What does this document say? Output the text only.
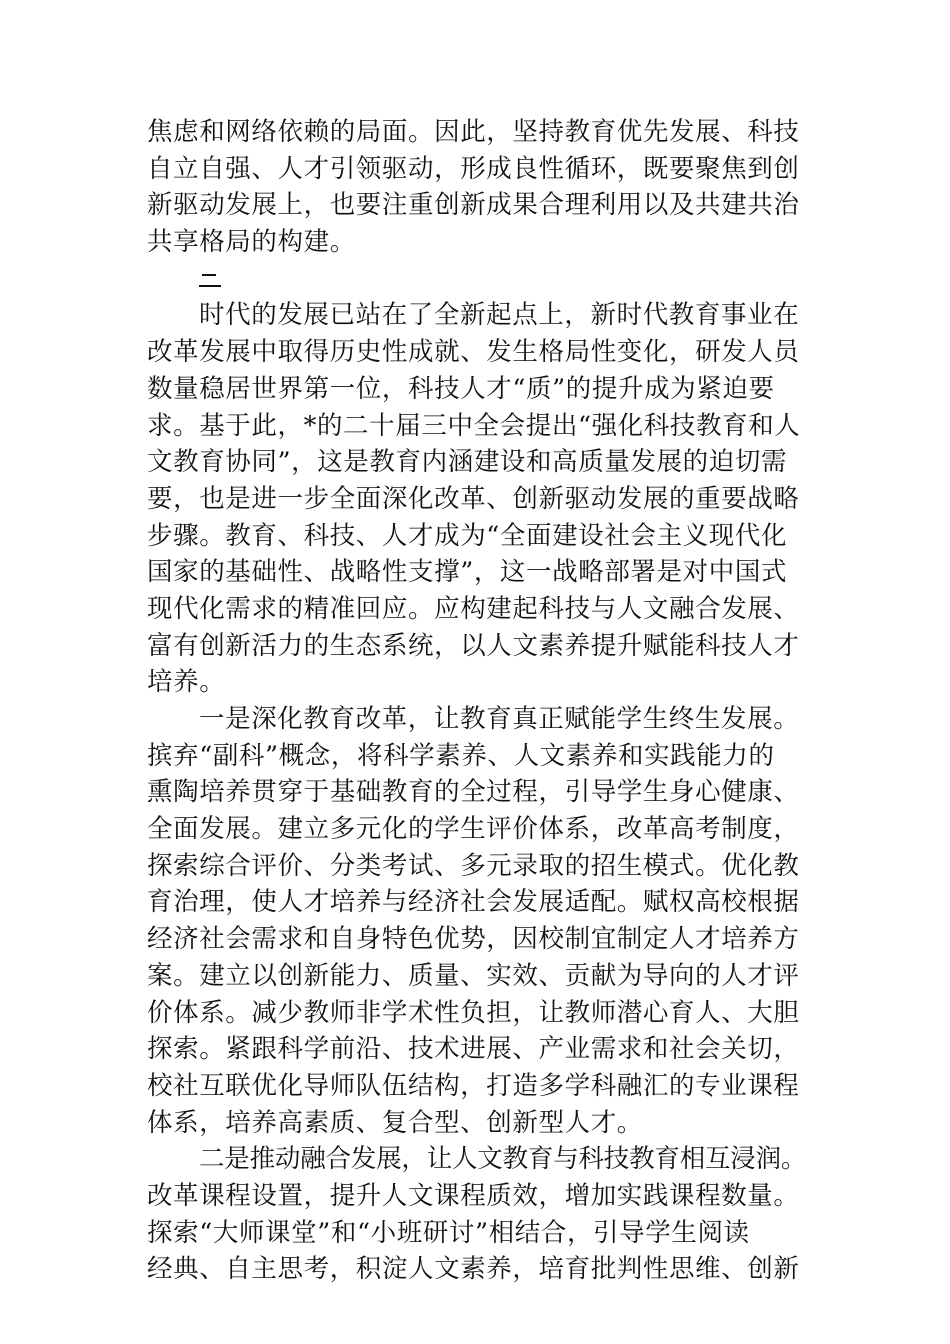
焦虑和网络依赖的局面。因此，坚持教育优先发展、科技
自立自强、人才引领驱动，形成良性循环，既要聚焦到创
新驱动发展上，也要注重创新成果合理利用以及共建共治
共享格局的构建。
时代的发展已站在了全新起点上，新时代教育事业在
改革发展中取得历史性成就、发生格局性变化，研发人员
数量稳居世界第一位，科技人才“质”的提升成为紧迫要
求。基于此，*的二十届三中全会提出“强化科技教育和人
文教育协同”，这是教育内涵建设和高质量发展的迫切需
要，也是进一步全面深化改革、创新驱动发展的重要战略
步骤。教育、科技、人才成为“全面建设社会主义现代化
国家的基础性、战略性支撑”，这一战略部署是对中国式
现代化需求的精准回应。应构建起科技与人文融合发展、
富有创新活力的生态系统，以人文素养提升赋能科技人才
培养。
一是深化教育改革，让教育真正赋能学生终生发展。
摈弃“副科”概念，将科学素养、人文素养和实践能力的
熏陶培养贯穿于基础教育的全过程，引导学生身心健康、
全面发展。建立多元化的学生评价体系，改革高考制度，
探索综合评价、分类考试、多元录取的招生模式。优化教
育治理，使人才培养与经济社会发展适配。赋权高校根据
经济社会需求和自身特色优势，因校制宜制定人才培养方
案。建立以创新能力、质量、实效、贡献为导向的人才评
价体系。减少教师非学术性负担，让教师潜心育人、大胆
探索。紧跟科学前沿、技术进展、产业需求和社会关切，
校社互联优化导师队伍结构，打造多学科融汇的专业课程
体系，培养高素质、复合型、创新型人才。
二是推动融合发展，让人文教育与科技教育相互浸润。
改革课程设置，提升人文课程质效，增加实践课程数量。
探索“大师课堂”和“小班研讨”相结合，引导学生阅读
经典、自主思考，积淀人文素养，培育批判性思维、创新
